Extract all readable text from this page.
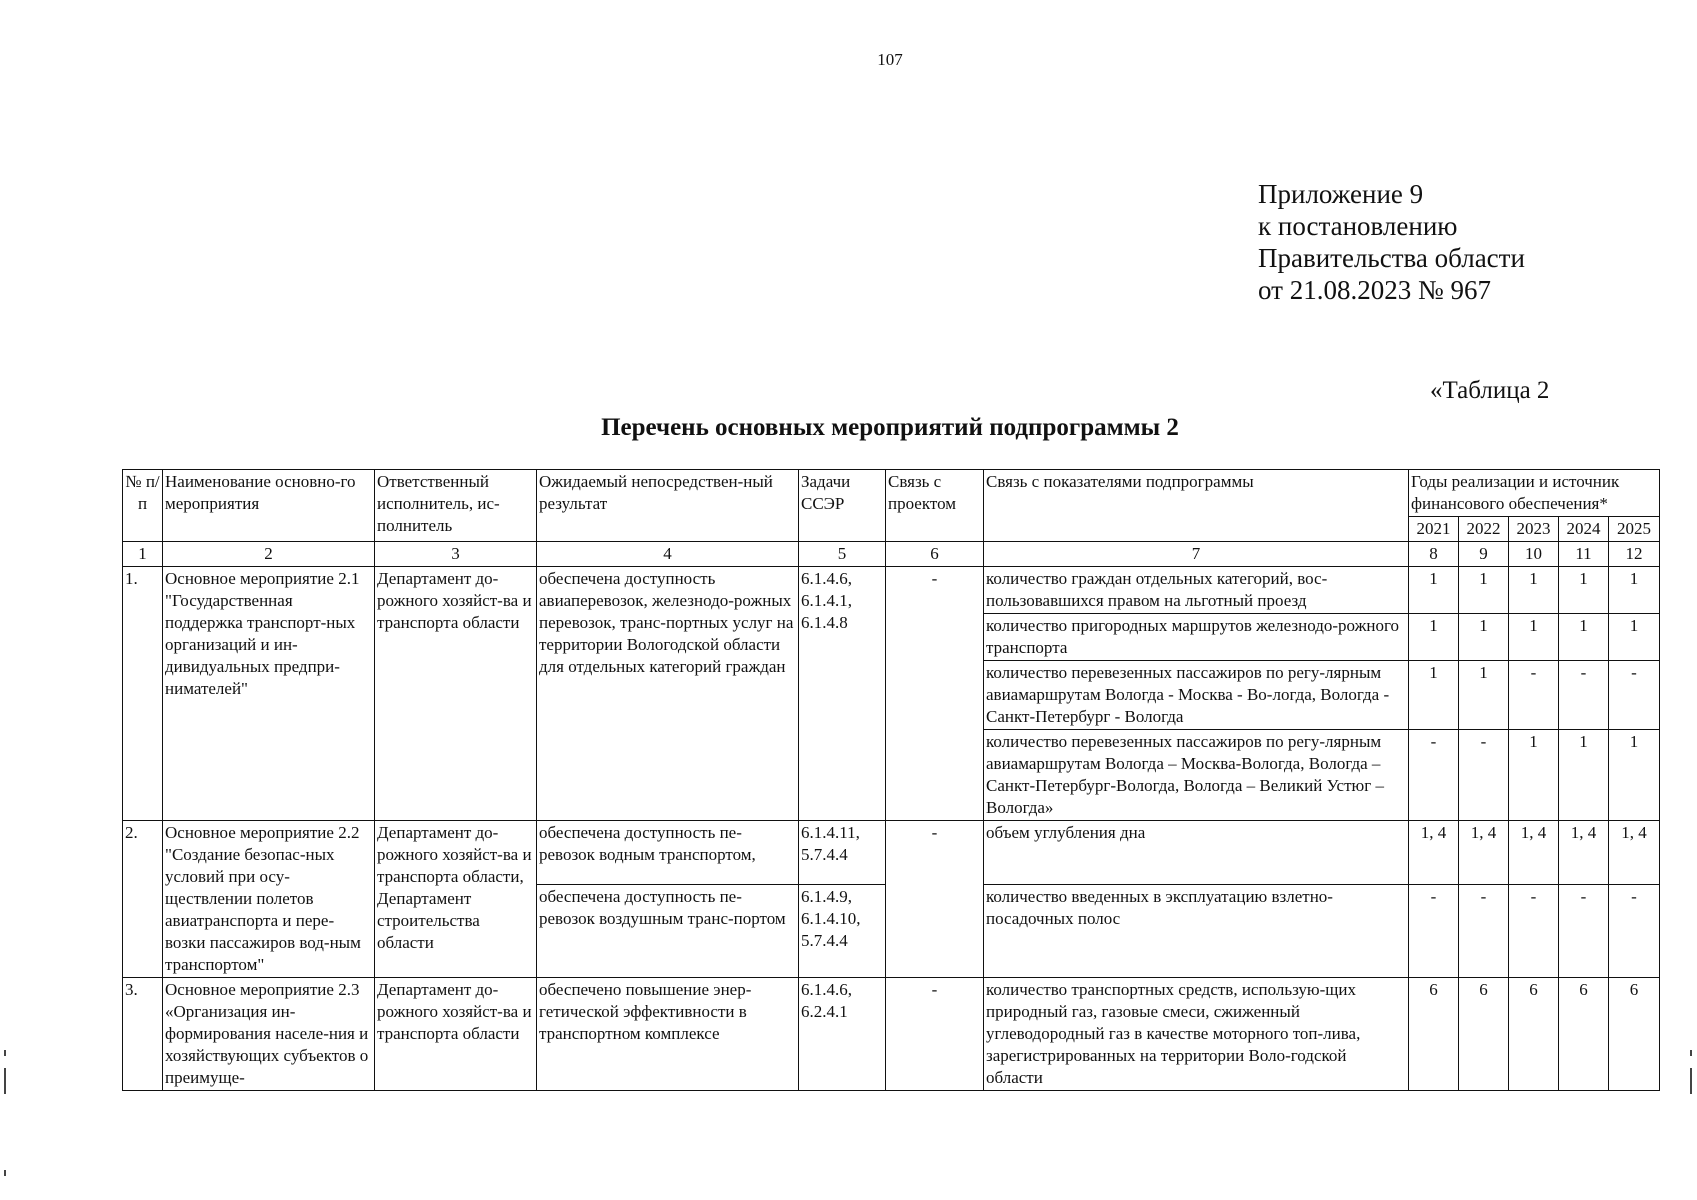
107
Приложение 9
к постановлению
Правительства области
от 21.08.2023 № 967
«Таблица 2
Перечень основных мероприятий подпрограммы 2
№ п/п	Наименование основно-го мероприятия	Ответственный исполнитель, ис-полнитель	Ожидаемый непосредствен-ный результат	Задачи ССЭР	Связь с проектом	Связь с показателями подпрограммы	Годы реализации и источник финансового обеспечения*				
							2021	2022	2023	2024	2025
1	2	3	4	5	6	7	8	9	10	11	12
1.	Основное мероприятие 2.1 "Государственная поддержка транспорт-ных организаций и ин-дивидуальных предпри-нимателей"	Департамент до-рожного хозяйст-ва и транспорта области	обеспечена доступность авиаперевозок, железнодо-рожных перевозок, транс-портных услуг на территории Вологодской области для отдельных категорий граждан	6.1.4.6, 6.1.4.1, 6.1.4.8	-	количество граждан отдельных категорий, вос-пользовавшихся правом на льготный проезд	1	1	1	1	1
						количество пригородных маршрутов железнодо-рожного транспорта	1	1	1	1	1
						количество перевезенных пассажиров по регу-лярным авиамаршрутам Вологда - Москва - Во-логда, Вологда - Санкт-Петербург - Вологда	1	1	-	-	-
						количество перевезенных пассажиров по регу-лярным авиамаршрутам Вологда – Москва-Вологда, Вологда – Санкт-Петербург-Вологда, Вологда – Великий Устюг – Вологда»	-	-	1	1	1
2.	Основное мероприятие 2.2 "Создание безопас-ных условий при осу-ществлении полетов авиатранспорта и пере-возки пассажиров вод-ным транспортом"	Департамент до-рожного хозяйст-ва и транспорта области, Департамент строительства области	обеспечена доступность пе-ревозок водным транспортом,	6.1.4.11, 5.7.4.4	-	объем углубления дна	1, 4	1, 4	1, 4	1, 4	1, 4
			обеспечена доступность пе-ревозок воздушным транс-портом	6.1.4.9, 6.1.4.10, 5.7.4.4		количество введенных в эксплуатацию взлетно-посадочных полос	-	-	-	-	-
3.	Основное мероприятие 2.3 «Организация ин-формирования населе-ния и хозяйствующих субъектов о преимуще-	Департамент до-рожного хозяйст-ва и транспорта области	обеспечено повышение энер-гетической эффективности в транспортном комплексе	6.1.4.6, 6.2.4.1	-	количество транспортных средств, использую-щих природный газ, газовые смеси, сжиженный углеводородный газ в качестве моторного топ-лива, зарегистрированных на территории Воло-годской области	6	6	6	6	6
